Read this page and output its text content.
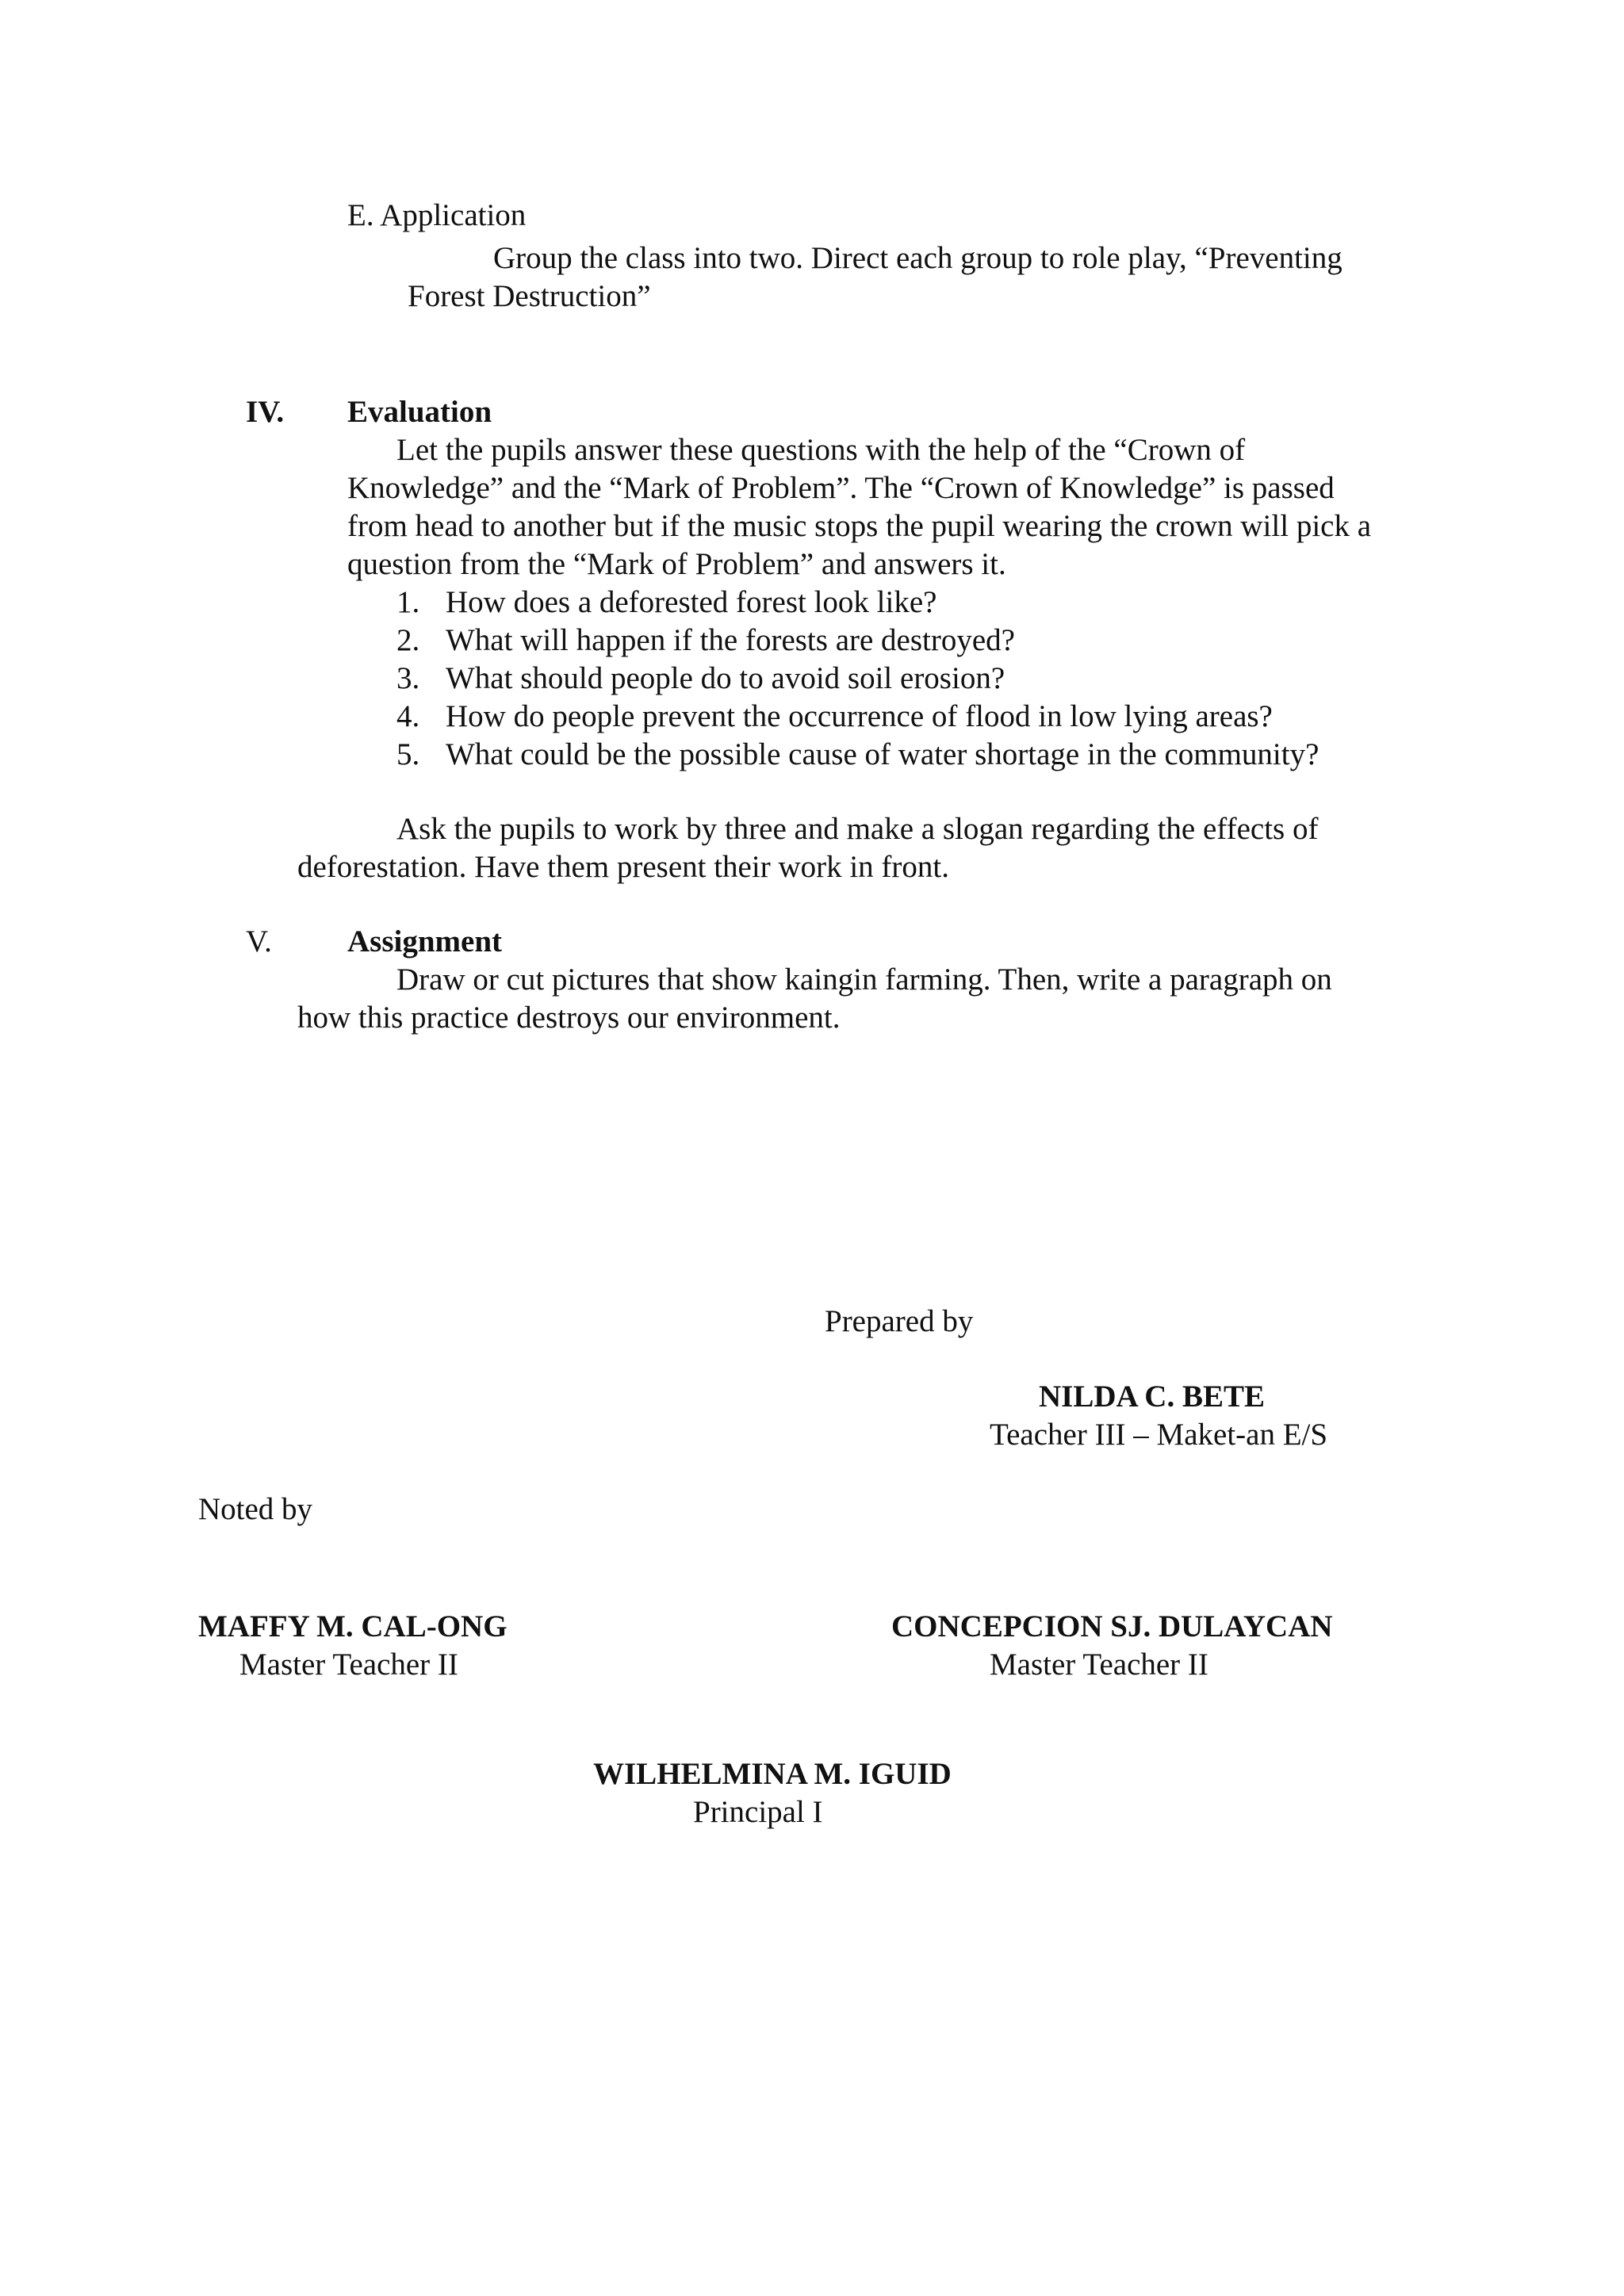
E. Application
Group the class into two. Direct each group to role play, “Preventing
Forest Destruction”
IV. Evaluation
Let the pupils answer these questions with the help of the “Crown of
Knowledge” and the “Mark of Problem”. The “Crown of Knowledge” is passed
from head to another but if the music stops the pupil wearing the crown will pick a
question from the “Mark of Problem” and answers it.
1. How does a deforested forest look like?
2. What will happen if the forests are destroyed?
3. What should people do to avoid soil erosion?
4. How do people prevent the occurrence of flood in low lying areas?
5. What could be the possible cause of water shortage in the community?
Ask the pupils to work by three and make a slogan regarding the effects of
deforestation. Have them present their work in front.
V. Assignment
Draw or cut pictures that show kaingin farming. Then, write a paragraph on
how this practice destroys our environment.
Prepared by
NILDA C. BETE
Teacher III – Maket-an E/S
Noted by
MAFFY M. CAL-ONG
Master Teacher II
CONCEPCION SJ. DULAYCAN
Master Teacher II
WILHELMINA M. IGUID
Principal I
